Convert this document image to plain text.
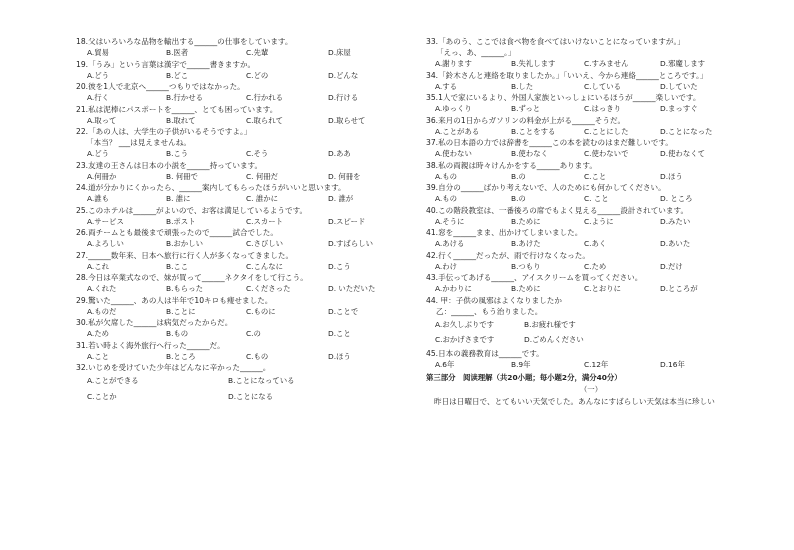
18.父はいろいろな品物を輸出する______の仕事をしています。
A.貿易	B.医者	C.先輩	D.床屋
19.「うみ」という言葉は漢字で______書きますか。
A.どう	B.どこ	C.どの	D.どんな
20.彼を1人で北京へ______つもりではなかった。
A.行く	B.行かせる	C.行かれる	D.行ける
21.私は泥棒にパスポートを______、とても困っています。
A.取って	B.取れて	C.取られて	D.取らせて
22.「あの人は、大学生の子供がいるそうですよ。」
「本当？ ___は見えませんね。
A.どう	B.こう	C.そう	D.ああ
23.友達の王さんは日本の小説を______持っています。
A.何冊か	B. 何冊で	C. 何冊だ	D. 何冊を
24.道が分かりにくかったら、______案内してもらったほうがいいと思います。
A.誰も	B. 誰に	C. 誰かに	D. 誰が
25.このホテルは______がよいので、お客は満足しているようです。
A.サービス	B.ポスト	C.スカート	D.スピード
26.両チームとも最後まで頑張ったので______試合でした。
A.よろしい	B.おかしい	C.さびしい	D.すばらしい
27.______数年来、日本へ旅行に行く人が多くなってきました。
A.これ	B.ここ	C.こんなに	D.こう
28.今日は卒業式なので、妹が買って______ネクタイをして行こう。
A.くれた	B.もらった	C.くださった	D. いただいた
29.驚いた______、あの人は半年で10キロも痩せました。
A.ものだ	B.ことに	C.ものに	D.ことで
30.私が欠席した______は病気だったからだ。
A.ため	B.もの	C.の	D.こと
31.若い時よく海外旅行へ行った______だ。
A.こと	B.ところ	C.もの	D.ほう
32.いじめを受けていた少年はどんなに辛かった______。
A.ことができる	B.ことになっている
C.ことか	D.ことになる
33.「あのう、ここでは食べ物を食べてはいけないことになっていますが。」
「えっ、あ、______。」
A.謝ります	B.失礼します	C.すみません	D.邪魔します
34.「鈴木さんと連絡を取りましたか。」「いいえ、今から連絡______ところです。」
A.する	B.した	C.している	D.していた
35.1人で家にいるより、外国人家族といっしょにいるほうが______楽しいです。
A.ゆっくり	B.ずっと	C.はっきり	D.まっすぐ
36.来月の1日からガソリンの料金が上がる______そうだ。
A.ことがある	B.ことをする	C.ことにした	D.ことになった
37.私の日本語の力では辞書を______この本を読むのはまだ難しいです。
A.使わない	B.使わなく	C.使わないで	D.使わなくて
38.私の両親は時々けんかをする______あります。
A.もの	B.の	C.こと	D.ほう
39.自分の______ばかり考えないで、人のためにも何かしてください。
A.もの	B.の	C. こと	D. ところ
40.この階段教室は、一番後ろの席でもよく見える______設計されています。
A.そうに	B.ために	C.ように	D.みたい
41.窓を______まま、出かけてしまいました。
A.あける	B.あけた	C.あく	D.あいた
42.行く______だったが、雨で行けなくなった。
A.わけ	B.つもり	C.ため	D.だけ
43.手伝ってあげる______、アイスクリームを買ってください。
A.かわりに	B.ために	C.とおりに	D.ところが
44. 甲：子供の風邪はよくなりましたか
乙：______、もう治りました。
A.お久しぶりです	B.お疲れ様です
C.おかげさまです	D.ごめんください
45.日本の義務教育は______です。
A.6年	B.9年	C.12年	D.16年
第三部分　阅读理解（共20小题；每小题2分，满分40分）
（一）
昨日は日曜日で、とてもいい天気でした。あんなにすばらしい天気は本当に珍しい
